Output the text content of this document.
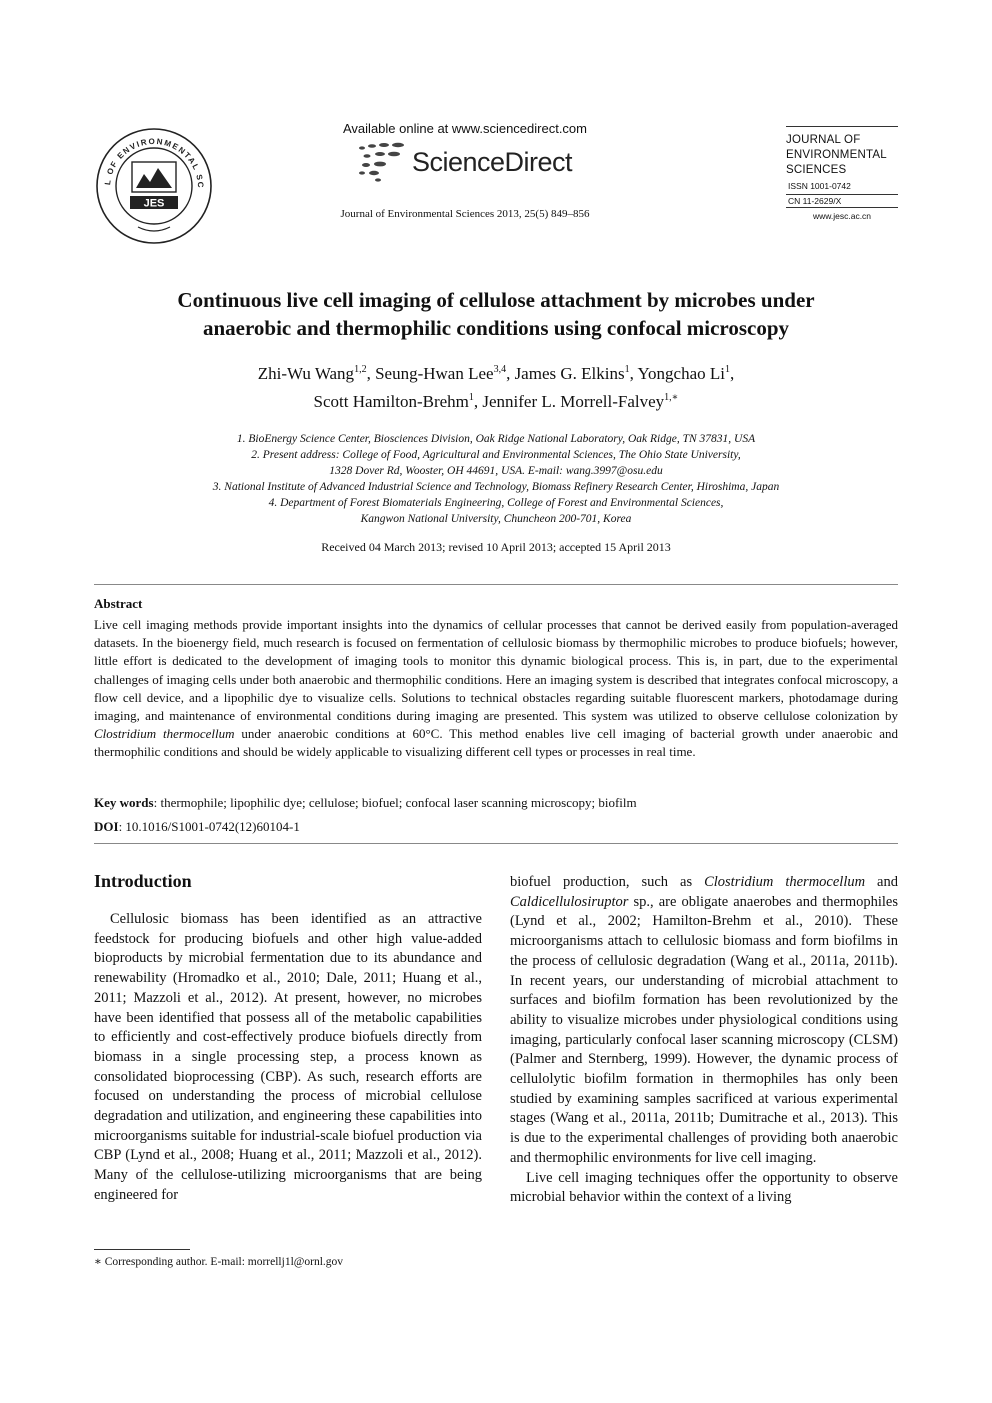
L OF ENVIRONMENTAL SC
JES
Available online at www.sciencedirect.com
ScienceDirect
Journal of Environmental Sciences 2013, 25(5) 849–856
JOURNAL OF
ENVIRONMENTAL
SCIENCES
ISSN 1001-0742
CN 11-2629/X
www.jesc.ac.cn
Continuous live cell imaging of cellulose attachment by microbes under
anaerobic and thermophilic conditions using confocal microscopy
Zhi-Wu Wang$^{1,2}$, Seung-Hwan Lee$^{3,4}$, James G. Elkins$^1$, Yongchao Li$^1$,
Scott Hamilton-Brehm$^1$, Jennifer L. Morrell-Falvey$^{1,∗}$
1. BioEnergy Science Center, Biosciences Division, Oak Ridge National Laboratory, Oak Ridge, TN 37831, USA
2. Present address: College of Food, Agricultural and Environmental Sciences, The Ohio State University,
1328 Dover Rd, Wooster, OH 44691, USA. E-mail: wang.3997@osu.edu
3. National Institute of Advanced Industrial Science and Technology, Biomass Refinery Research Center, Hiroshima, Japan
4. Department of Forest Biomaterials Engineering, College of Forest and Environmental Sciences,
Kangwon National University, Chuncheon 200-701, Korea
Received 04 March 2013; revised 10 April 2013; accepted 15 April 2013
Abstract
Live cell imaging methods provide important insights into the dynamics of cellular processes that cannot be derived easily from population-averaged datasets. In the bioenergy field, much research is focused on fermentation of cellulosic biomass by thermophilic microbes to produce biofuels; however, little effort is dedicated to the development of imaging tools to monitor this dynamic biological process. This is, in part, due to the experimental challenges of imaging cells under both anaerobic and thermophilic conditions. Here an imaging system is described that integrates confocal microscopy, a flow cell device, and a lipophilic dye to visualize cells. Solutions to technical obstacles regarding suitable fluorescent markers, photodamage during imaging, and maintenance of environmental conditions during imaging are presented. This system was utilized to observe cellulose colonization by Clostridium thermocellum under anaerobic conditions at 60°C. This method enables live cell imaging of bacterial growth under anaerobic and thermophilic conditions and should be widely applicable to visualizing different cell types or processes in real time.
Key words: thermophile; lipophilic dye; cellulose; biofuel; confocal laser scanning microscopy; biofilm
DOI: 10.1016/S1001-0742(12)60104-1
Introduction

Cellulosic biomass has been identified as an attractive feedstock for producing biofuels and other high value-added bioproducts by microbial fermentation due to its abundance and renewability (Hromadko et al., 2010; Dale, 2011; Huang et al., 2011; Mazzoli et al., 2012). At present, however, no microbes have been identified that possess all of the metabolic capabilities to efficiently and cost-effectively produce biofuels directly from biomass in a single processing step, a process known as consolidated bioprocessing (CBP). As such, research efforts are focused on understanding the process of microbial cellulose degradation and utilization, and engineering these capabilities into microorganisms suitable for industrial-scale biofuel production via CBP (Lynd et al., 2008; Huang et al., 2011; Mazzoli et al., 2012). Many of the cellulose-utilizing microorganisms that are being engineered for

biofuel production, such as Clostridium thermocellum and Caldicellulosiruptor sp., are obligate anaerobes and thermophiles (Lynd et al., 2002; Hamilton-Brehm et al., 2010). These microorganisms attach to cellulosic biomass and form biofilms in the process of cellulosic degradation (Wang et al., 2011a, 2011b). In recent years, our understanding of microbial attachment to surfaces and biofilm formation has been revolutionized by the ability to visualize microbes under physiological conditions using imaging, particularly confocal laser scanning microscopy (CLSM) (Palmer and Sternberg, 1999). However, the dynamic process of cellulolytic biofilm formation in thermophiles has only been studied by examining samples sacrificed at various experimental stages (Wang et al., 2011a, 2011b; Dumitrache et al., 2013). This is due to the experimental challenges of providing both anaerobic and thermophilic environments for live cell imaging.

Live cell imaging techniques offer the opportunity to observe microbial behavior within the context of a living

∗ Corresponding author. E-mail: morrellj1l@ornl.gov
